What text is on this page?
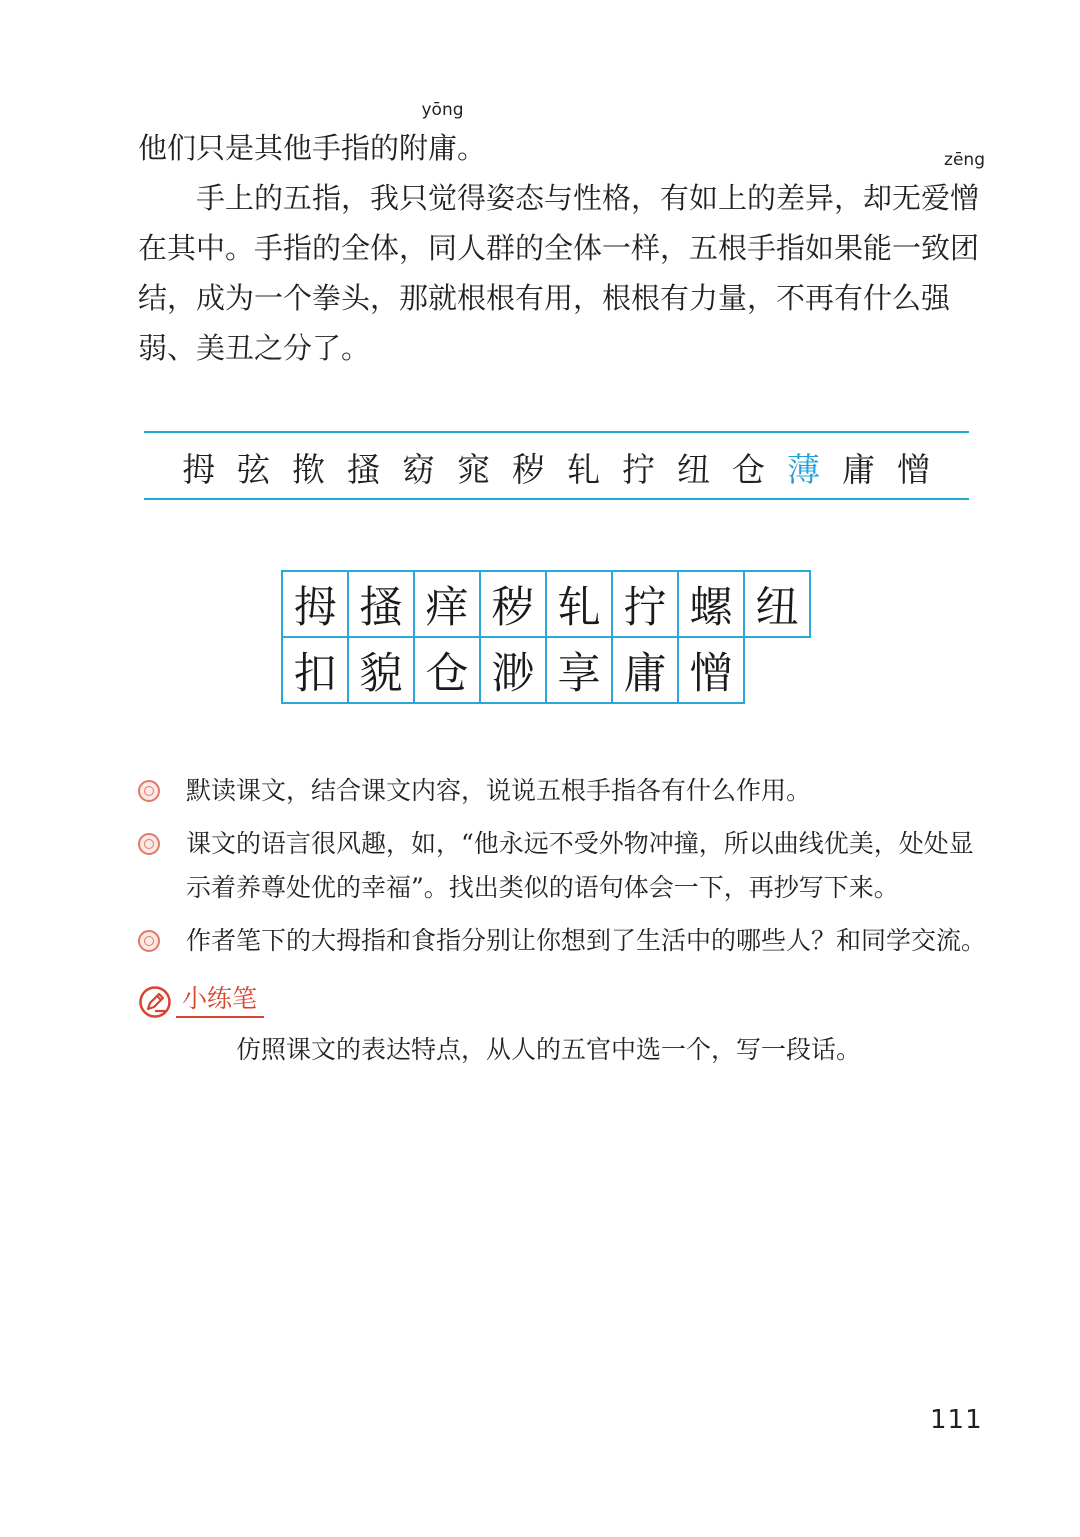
他们只是其他手指的附
yōng
庸。
手上的五指，我只觉得姿态与性格，有如上的差异，却无爱
zēng
憎
在其中。手指的全体，同人群的全体一样，五根手指如果能一致团
结，成为一个拳头，那就根根有用，根根有力量，不再有什么强
弱、美丑之分了。
拇 弦 揿 搔 窈 窕 秽 轧 拧 纽 仓 薄 庸 憎
拇 搔 痒 秽 轧 拧 螺 纽
扣 貌 仓 渺 享 庸 憎
默读课文，结合课文内容，说说五根手指各有什么作用。
课文的语言很风趣，如，“他永远不受外物冲撞，所以曲线优美，处处显
示着养尊处优的幸福”。找出类似的语句体会一下，再抄写下来。
作者笔下的大拇指和食指分别让你想到了生活中的哪些人？和同学交流。
小练笔
仿照课文的表达特点，从人的五官中选一个，写一段话。
111
